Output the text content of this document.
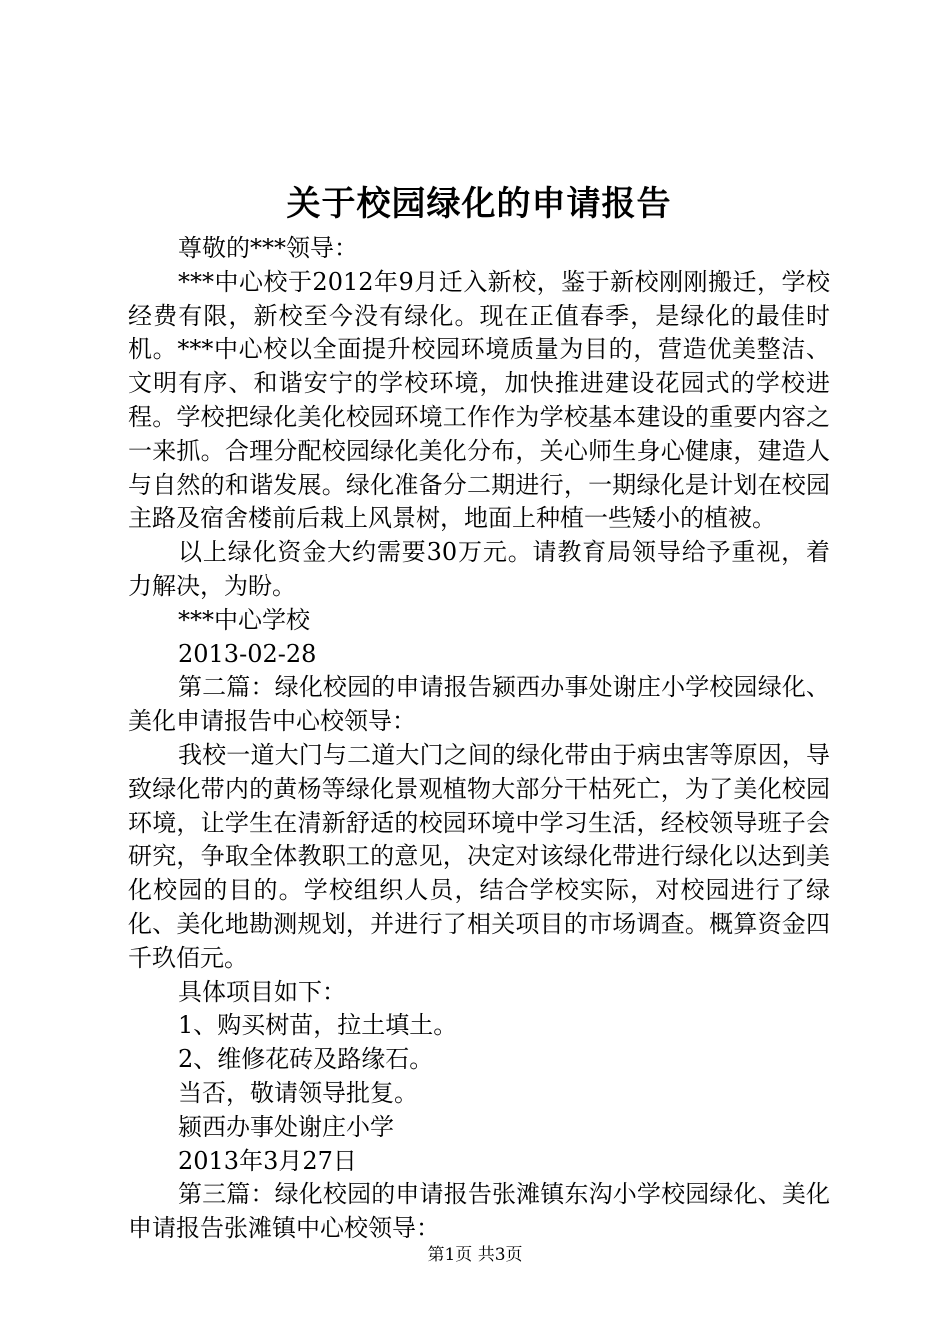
关于校园绿化的申请报告

尊敬的***领导：

***中心校于2012年9月迁入新校，鉴于新校刚刚搬迁，学校经费有限，新校至今没有绿化。现在正值春季，是绿化的最佳时机。***中心校以全面提升校园环境质量为目的，营造优美整洁、文明有序、和谐安宁的学校环境，加快推进建设花园式的学校进程。学校把绿化美化校园环境工作作为学校基本建设的重要内容之一来抓。合理分配校园绿化美化分布，关心师生身心健康，建造人与自然的和谐发展。绿化准备分二期进行，一期绿化是计划在校园主路及宿舍楼前后栽上风景树，地面上种植一些矮小的植被。

以上绿化资金大约需要30万元。请教育局领导给予重视，着力解决，为盼。

***中心学校

2013-02-28

第二篇：绿化校园的申请报告颍西办事处谢庄小学校园绿化、美化申请报告中心校领导：

我校一道大门与二道大门之间的绿化带由于病虫害等原因，导致绿化带内的黄杨等绿化景观植物大部分干枯死亡，为了美化校园环境，让学生在清新舒适的校园环境中学习生活，经校领导班子会研究，争取全体教职工的意见，决定对该绿化带进行绿化以达到美化校园的目的。学校组织人员，结合学校实际，对校园进行了绿化、美化地勘测规划，并进行了相关项目的市场调查。概算资金四千玖佰元。

具体项目如下：

1、购买树苗，拉土填土。

2、维修花砖及路缘石。

当否，敬请领导批复。

颍西办事处谢庄小学

2013年3月27日

第三篇：绿化校园的申请报告张滩镇东沟小学校园绿化、美化申请报告张滩镇中心校领导：

第1页 共3页
